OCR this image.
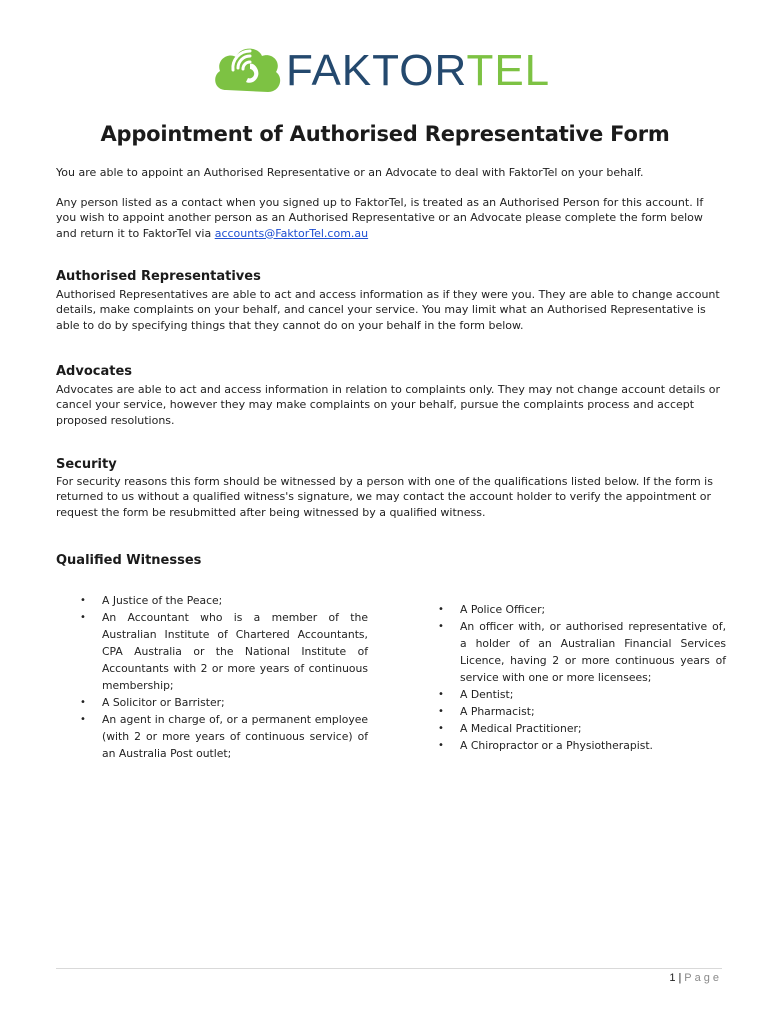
FAKTORTEL
Appointment of Authorised Representative Form

You are able to appoint an Authorised Representative or an Advocate to deal with FaktorTel on your behalf.

Any person listed as a contact when you signed up to FaktorTel, is treated as an Authorised Person for this account. If you wish to appoint another person as an Authorised Representative or an Advocate please complete the form below and return it to FaktorTel via accounts@FaktorTel.com.au

Authorised Representatives

Authorised Representatives are able to act and access information as if they were you. They are able to change account details, make complaints on your behalf, and cancel your service. You may limit what an Authorised Representative is able to do by specifying things that they cannot do on your behalf in the form below.

Advocates

Advocates are able to act and access information in relation to complaints only. They may not change account details or cancel your service, however they may make complaints on your behalf, pursue the complaints process and accept proposed resolutions.

Security

For security reasons this form should be witnessed by a person with one of the qualifications listed below. If the form is returned to us without a qualified witness's signature, we may contact the account holder to verify the appointment or request the form be resubmitted after being witnessed by a qualified witness.

Qualified Witnesses
• A Justice of the Peace;
• An Accountant who is a member of the Australian Institute of Chartered Accountants, CPA Australia or the National Institute of Accountants with 2 or more years of continuous membership;
• A Solicitor or Barrister;
• An agent in charge of, or a permanent employee (with 2 or more years of continuous service) of an Australia Post outlet;
• A Police Officer;
• An officer with, or authorised representative of, a holder of an Australian Financial Services Licence, having 2 or more continuous years of service with one or more licensees;
• A Dentist;
• A Pharmacist;
• A Medical Practitioner;
• A Chiropractor or a Physiotherapist.
1 | Page
